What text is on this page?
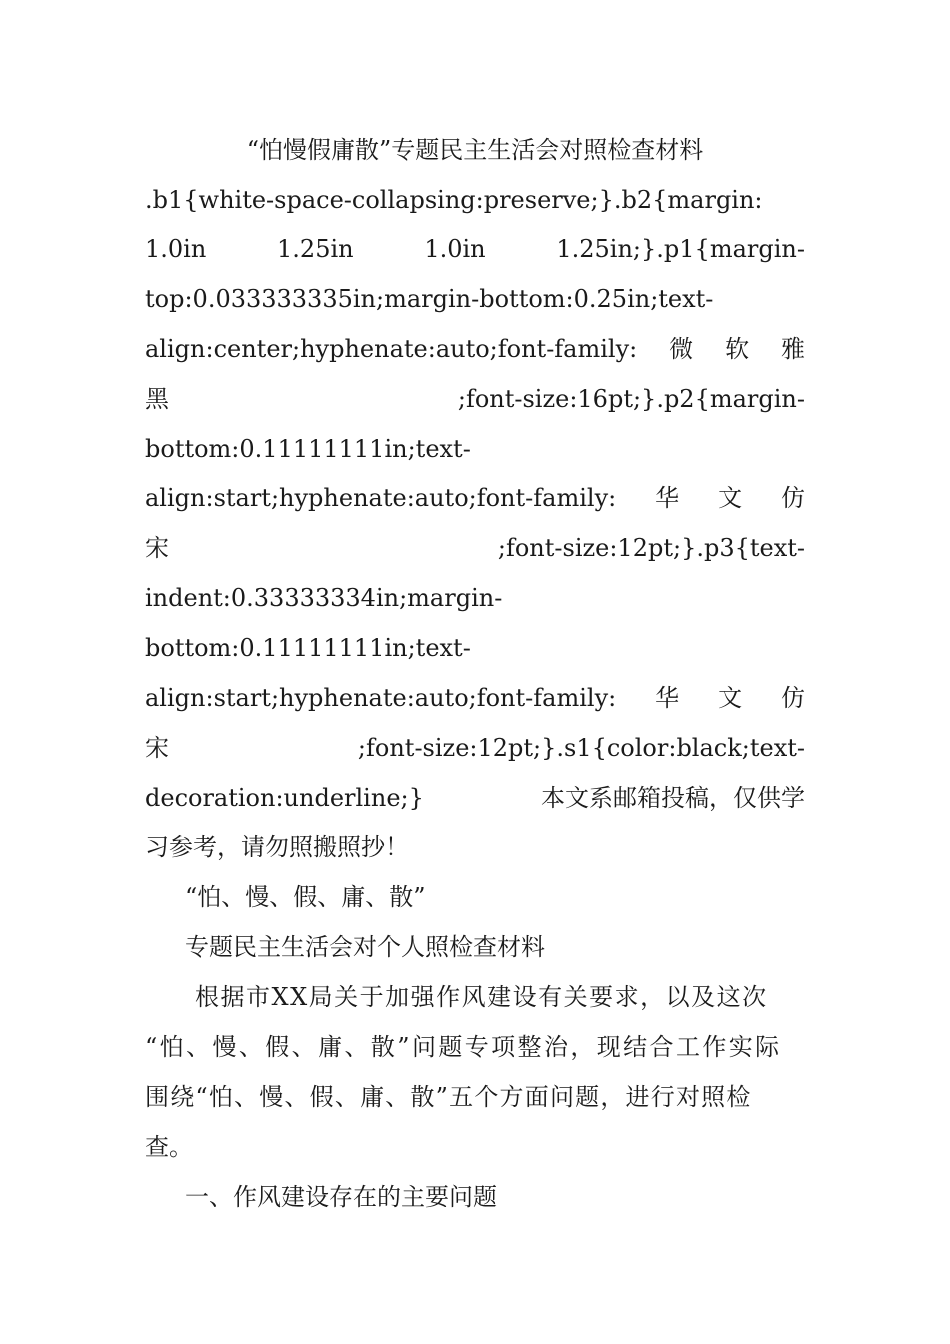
“怕慢假庸散”专题民主生活会对照检查材料
.b1{white-space-collapsing:preserve;}.b2{margin:
1.0in	1.25in	1.0in	1.25in;}.p1{margin-
top:0.033333335in;margin-bottom:0.25in;text-
align:center;hyphenate:auto;font-family: 微 软 雅
黑	;font-size:16pt;}.p2{margin-
bottom:0.11111111in;text-
align:start;hyphenate:auto;font-family: 华 文 仿
宋	;font-size:12pt;}.p3{text-
indent:0.33333334in;margin-
bottom:0.11111111in;text-
align:start;hyphenate:auto;font-family: 华 文 仿
宋	;font-size:12pt;}.s1{color:black;text-
decoration:underline;}	本文系邮箱投稿，仅供学
习参考，请勿照搬照抄！
“怕、慢、假、庸、散”
专题民主生活会对个人照检查材料
根据市XX局关于加强作风建设有关要求，以及这次
“怕、慢、假、庸、散”问题专项整治，现结合工作实际
围绕“怕、慢、假、庸、散”五个方面问题，进行对照检
查。
一、作风建设存在的主要问题
